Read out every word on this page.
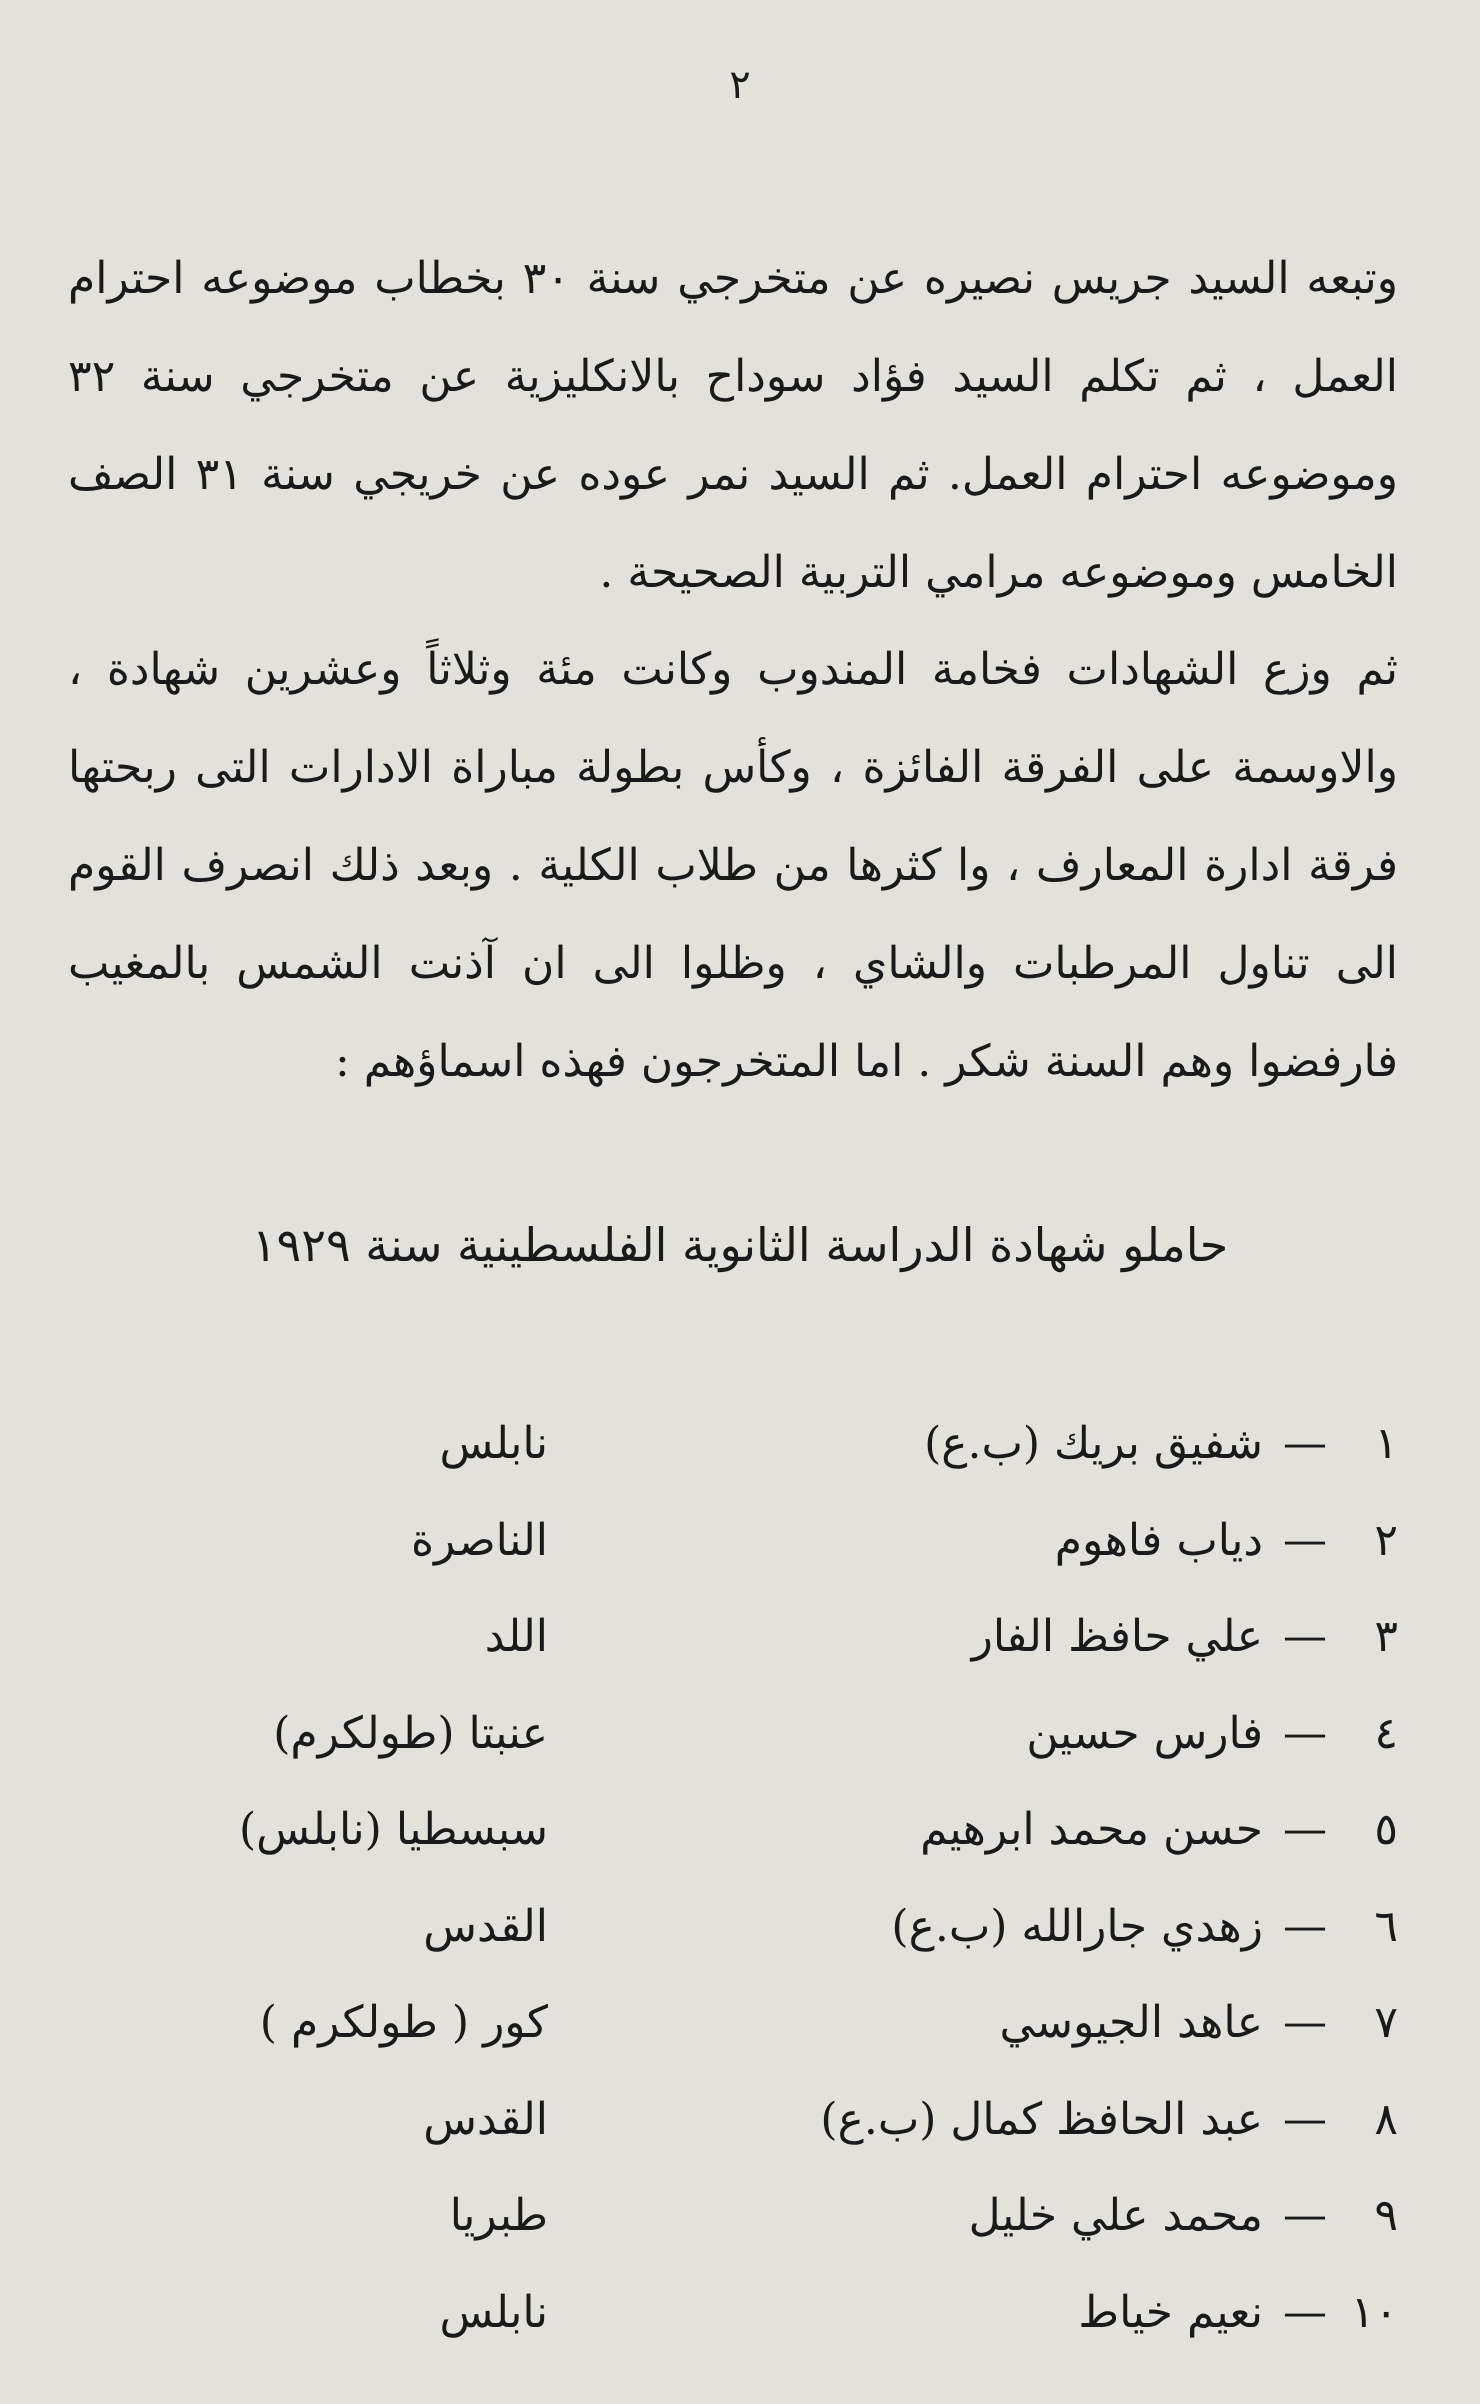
٢

وتبعه السيد جريس نصيره عن متخرجي سنة ٣٠ بخطاب موضوعه احترام العمل ، ثم تكلم السيد فؤاد سوداح بالانكليزية عن متخرجي سنة ٣٢ وموضوعه احترام العمل. ثم السيد نمر عوده عن خريجي سنة ٣١ الصف الخامس وموضوعه مرامي التربية الصحيحة .

ثم وزع الشهادات فخامة المندوب وكانت مئة وثلاثاً وعشرين شهادة ، والاوسمة على الفرقة الفائزة ، وكأس بطولة مباراة الادارات التى ربحتها فرقة ادارة المعارف ، وا كثرها من طلاب الكلية . وبعد ذلك انصرف القوم الى تناول المرطبات والشاي ، وظلوا الى ان آذنت الشمس بالمغيب فارفضوا وهم السنة شكر . اما المتخرجون فهذه اسماؤهم :

حاملو شهادة الدراسة الثانوية الفلسطينية سنة ١٩٢٩
١
—
شفيق بريك (ب.ع)
نابلس
٢
—
دياب فاهوم
الناصرة
٣
—
علي حافظ الفار
اللد
٤
—
فارس حسين
عنبتا (طولكرم)
٥
—
حسن محمد ابرهيم
سبسطيا (نابلس)
٦
—
زهدي جارالله (ب.ع)
القدس
٧
—
عاهد الجيوسي
كور ( طولكرم )
٨
—
عبد الحافظ كمال (ب.ع)
القدس
٩
—
محمد علي خليل
طبريا
١٠
—
نعيم خياط
نابلس
